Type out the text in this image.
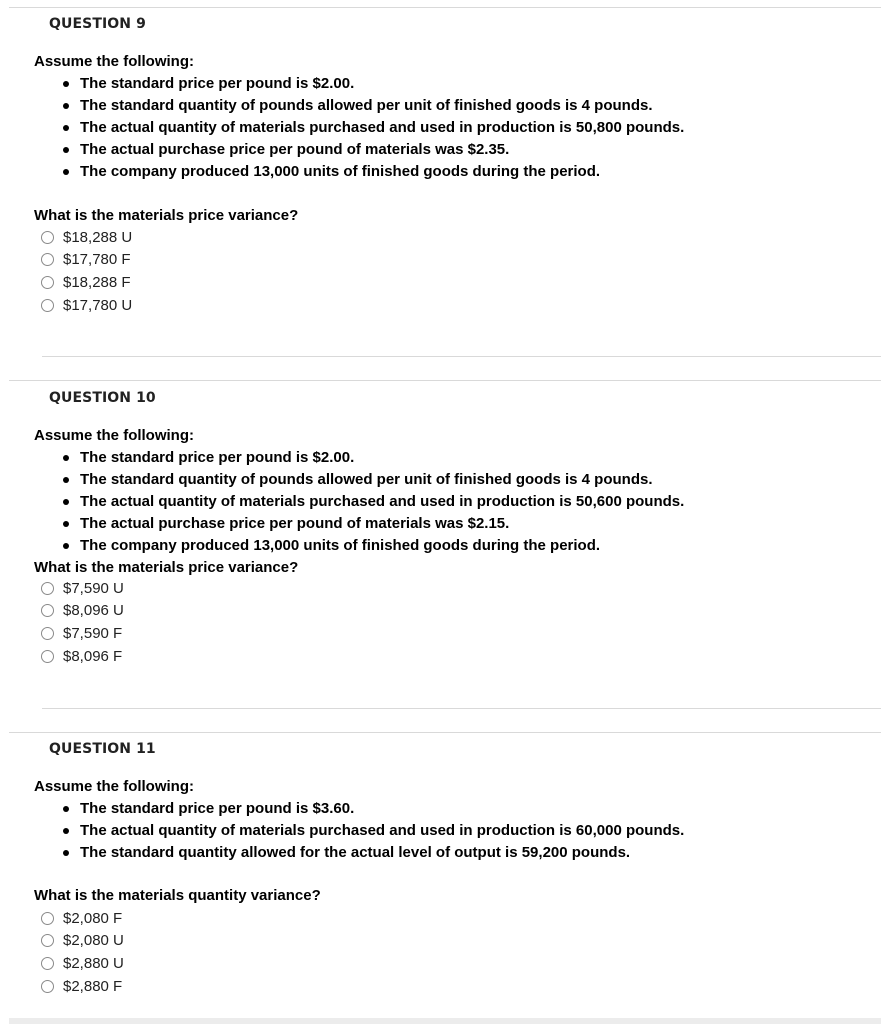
QUESTION 9

Assume the following:

The standard price per pound is $2.00.
The standard quantity of pounds allowed per unit of finished goods is 4 pounds.
The actual quantity of materials purchased and used in production is 50,800 pounds.
The actual purchase price per pound of materials was $2.35.
The company produced 13,000 units of finished goods during the period.

What is the materials price variance?

$18,288 U
$17,780 F
$18,288 F
$17,780 U
QUESTION 10

Assume the following:

The standard price per pound is $2.00.
The standard quantity of pounds allowed per unit of finished goods is 4 pounds.
The actual quantity of materials purchased and used in production is 50,600 pounds.
The actual purchase price per pound of materials was $2.15.
The company produced 13,000 units of finished goods during the period.

What is the materials price variance?

$7,590 U
$8,096 U
$7,590 F
$8,096 F
QUESTION 11

Assume the following:

The standard price per pound is $3.60.
The actual quantity of materials purchased and used in production is 60,000 pounds.
The standard quantity allowed for the actual level of output is 59,200 pounds.

What is the materials quantity variance?

$2,080 F
$2,080 U
$2,880 U
$2,880 F
